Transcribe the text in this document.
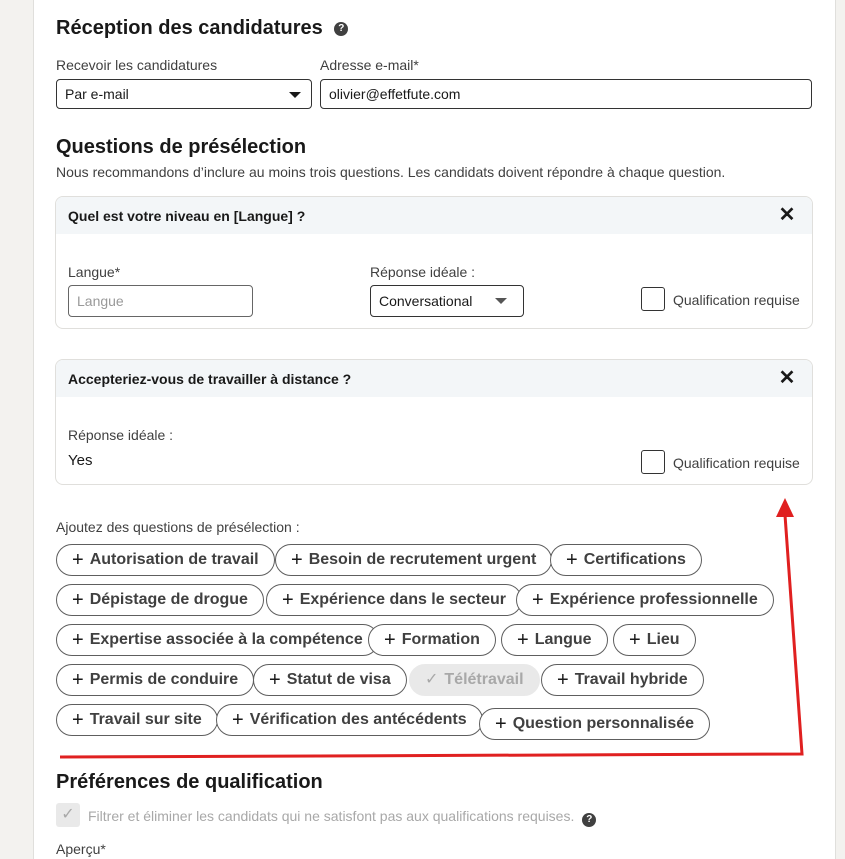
Réception des candidatures ?
Recevoir les candidatures
Par e-mail
Adresse e-mail*
olivier@effetfute.com
Questions de présélection
Nous recommandons d’inclure au moins trois questions. Les candidats doivent répondre à chaque question.
Quel est votre niveau en [Langue] ?	✕
Langue*
Langue
Réponse idéale :
Conversational	Qualification requise
Accepteriez-vous de travailler à distance ?	✕
Réponse idéale :
Yes	Qualification requise
Ajoutez des questions de présélection :
+ Autorisation de travail + Besoin de recrutement urgent + Certifications
+ Dépistage de drogue + Expérience dans le secteur + Expérience professionnelle
+ Expertise associée à la compétence + Formation + Langue + Lieu
+ Permis de conduire + Statut de visa ✓ Télétravail + Travail hybride
+ Travail sur site + Vérification des antécédents + Question personnalisée
Préférences de qualification
✓ Filtrer et éliminer les candidats qui ne satisfont pas aux qualifications requises. ?
Aperçu*
